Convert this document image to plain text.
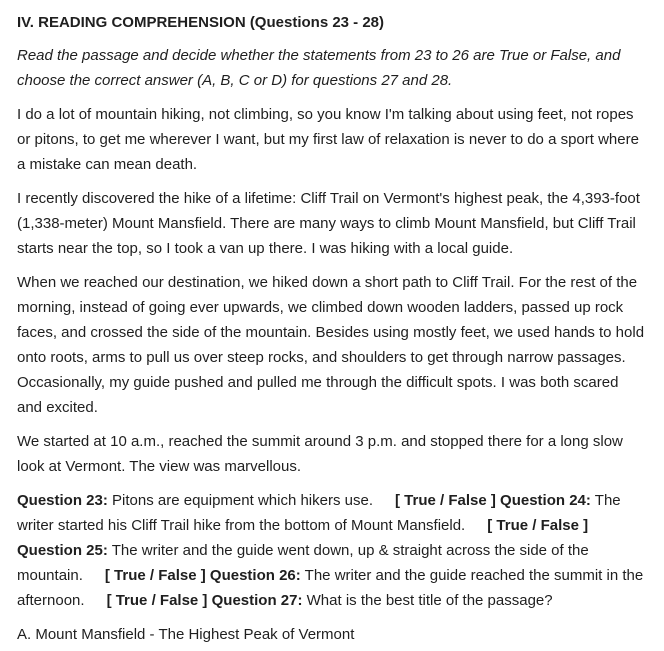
IV. READING COMPREHENSION (Questions 23 - 28)

Read the passage and decide whether the statements from 23 to 26 are True or False, and choose the correct answer (A, B, C or D) for questions 27 and 28.

I do a lot of mountain hiking, not climbing, so you know I'm talking about using feet, not ropes or pitons, to get me wherever I want, but my first law of relaxation is never to do a sport where a mistake can mean death.

I recently discovered the hike of a lifetime: Cliff Trail on Vermont's highest peak, the 4,393-foot (1,338-meter) Mount Mansfield. There are many ways to climb Mount Mansfield, but Cliff Trail starts near the top, so I took a van up there. I was hiking with a local guide.

When we reached our destination, we hiked down a short path to Cliff Trail. For the rest of the morning, instead of going ever upwards, we climbed down wooden ladders, passed up rock faces, and crossed the side of the mountain. Besides using mostly feet, we used hands to hold onto roots, arms to pull us over steep rocks, and shoulders to get through narrow passages. Occasionally, my guide pushed and pulled me through the difficult spots. I was both scared and excited.

We started at 10 a.m., reached the summit around 3 p.m. and stopped there for a long slow look at Vermont. The view was marvellous.

Question 23: Pitons are equipment which hikers use. [ True / False ] Question 24: The writer started his Cliff Trail hike from the bottom of Mount Mansfield. [ True / False ] Question 25: The writer and the guide went down, up & straight across the side of the mountain. [ True / False ] Question 26: The writer and the guide reached the summit in the afternoon. [ True / False ] Question 27: What is the best title of the passage?

A. Mount Mansfield - The Highest Peak of Vermont
